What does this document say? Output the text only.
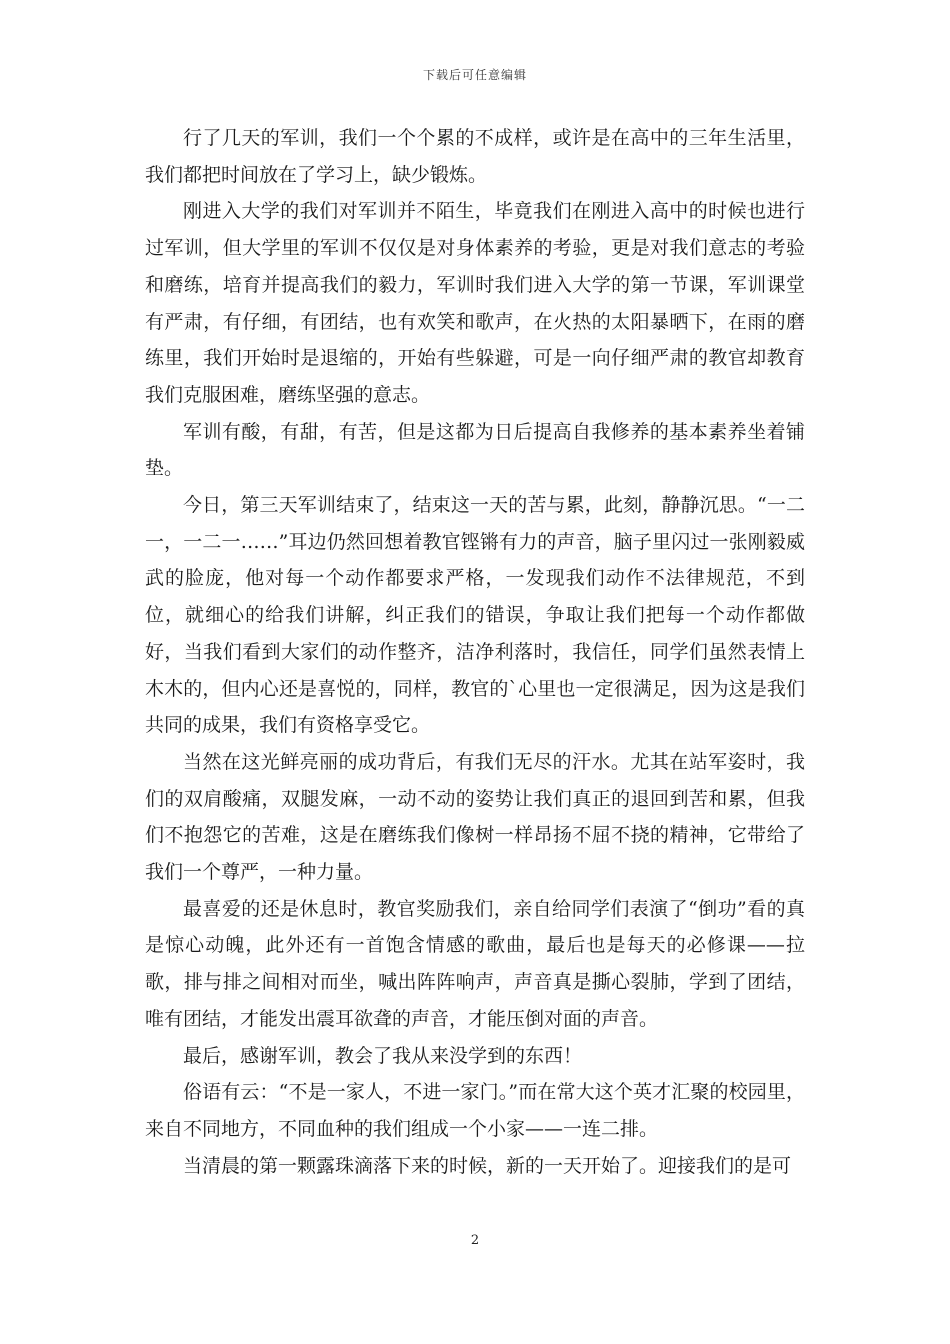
下载后可任意编辑

行了几天的军训，我们一个个累的不成样，或许是在高中的三年生活里，我们都把时间放在了学习上，缺少锻炼。

刚进入大学的我们对军训并不陌生，毕竟我们在刚进入高中的时候也进行过军训，但大学里的军训不仅仅是对身体素养的考验，更是对我们意志的考验和磨练，培育并提高我们的毅力，军训时我们进入大学的第一节课，军训课堂有严肃，有仔细，有团结，也有欢笑和歌声，在火热的太阳暴晒下，在雨的磨练里，我们开始时是退缩的，开始有些躲避，可是一向仔细严肃的教官却教育我们克服困难，磨练坚强的意志。

军训有酸，有甜，有苦，但是这都为日后提高自我修养的基本素养坐着铺垫。

今日，第三天军训结束了，结束这一天的苦与累，此刻，静静沉思。“一二一，一二一……”耳边仍然回想着教官铿锵有力的声音，脑子里闪过一张刚毅威武的脸庞，他对每一个动作都要求严格，一发现我们动作不法律规范，不到位，就细心的给我们讲解，纠正我们的错误，争取让我们把每一个动作都做好，当我们看到大家们的动作整齐，洁净利落时，我信任，同学们虽然表情上木木的，但内心还是喜悦的，同样，教官的`心里也一定很满足，因为这是我们共同的成果，我们有资格享受它。

当然在这光鲜亮丽的成功背后，有我们无尽的汗水。尤其在站军姿时，我们的双肩酸痛，双腿发麻，一动不动的姿势让我们真正的退回到苦和累，但我们不抱怨它的苦难，这是在磨练我们像树一样昂扬不屈不挠的精神，它带给了我们一个尊严，一种力量。

最喜爱的还是休息时，教官奖励我们，亲自给同学们表演了“倒功”看的真是惊心动魄，此外还有一首饱含情感的歌曲，最后也是每天的必修课——拉歌，排与排之间相对而坐，喊出阵阵响声，声音真是撕心裂肺，学到了团结，唯有团结，才能发出震耳欲聋的声音，才能压倒对面的声音。

最后，感谢军训，教会了我从来没学到的东西！

俗语有云：“不是一家人，不进一家门。”而在常大这个英才汇聚的校园里，来自不同地方，不同血种的我们组成一个小家——一连二排。

当清晨的第一颗露珠滴落下来的时候，新的一天开始了。迎接我们的是可

2
